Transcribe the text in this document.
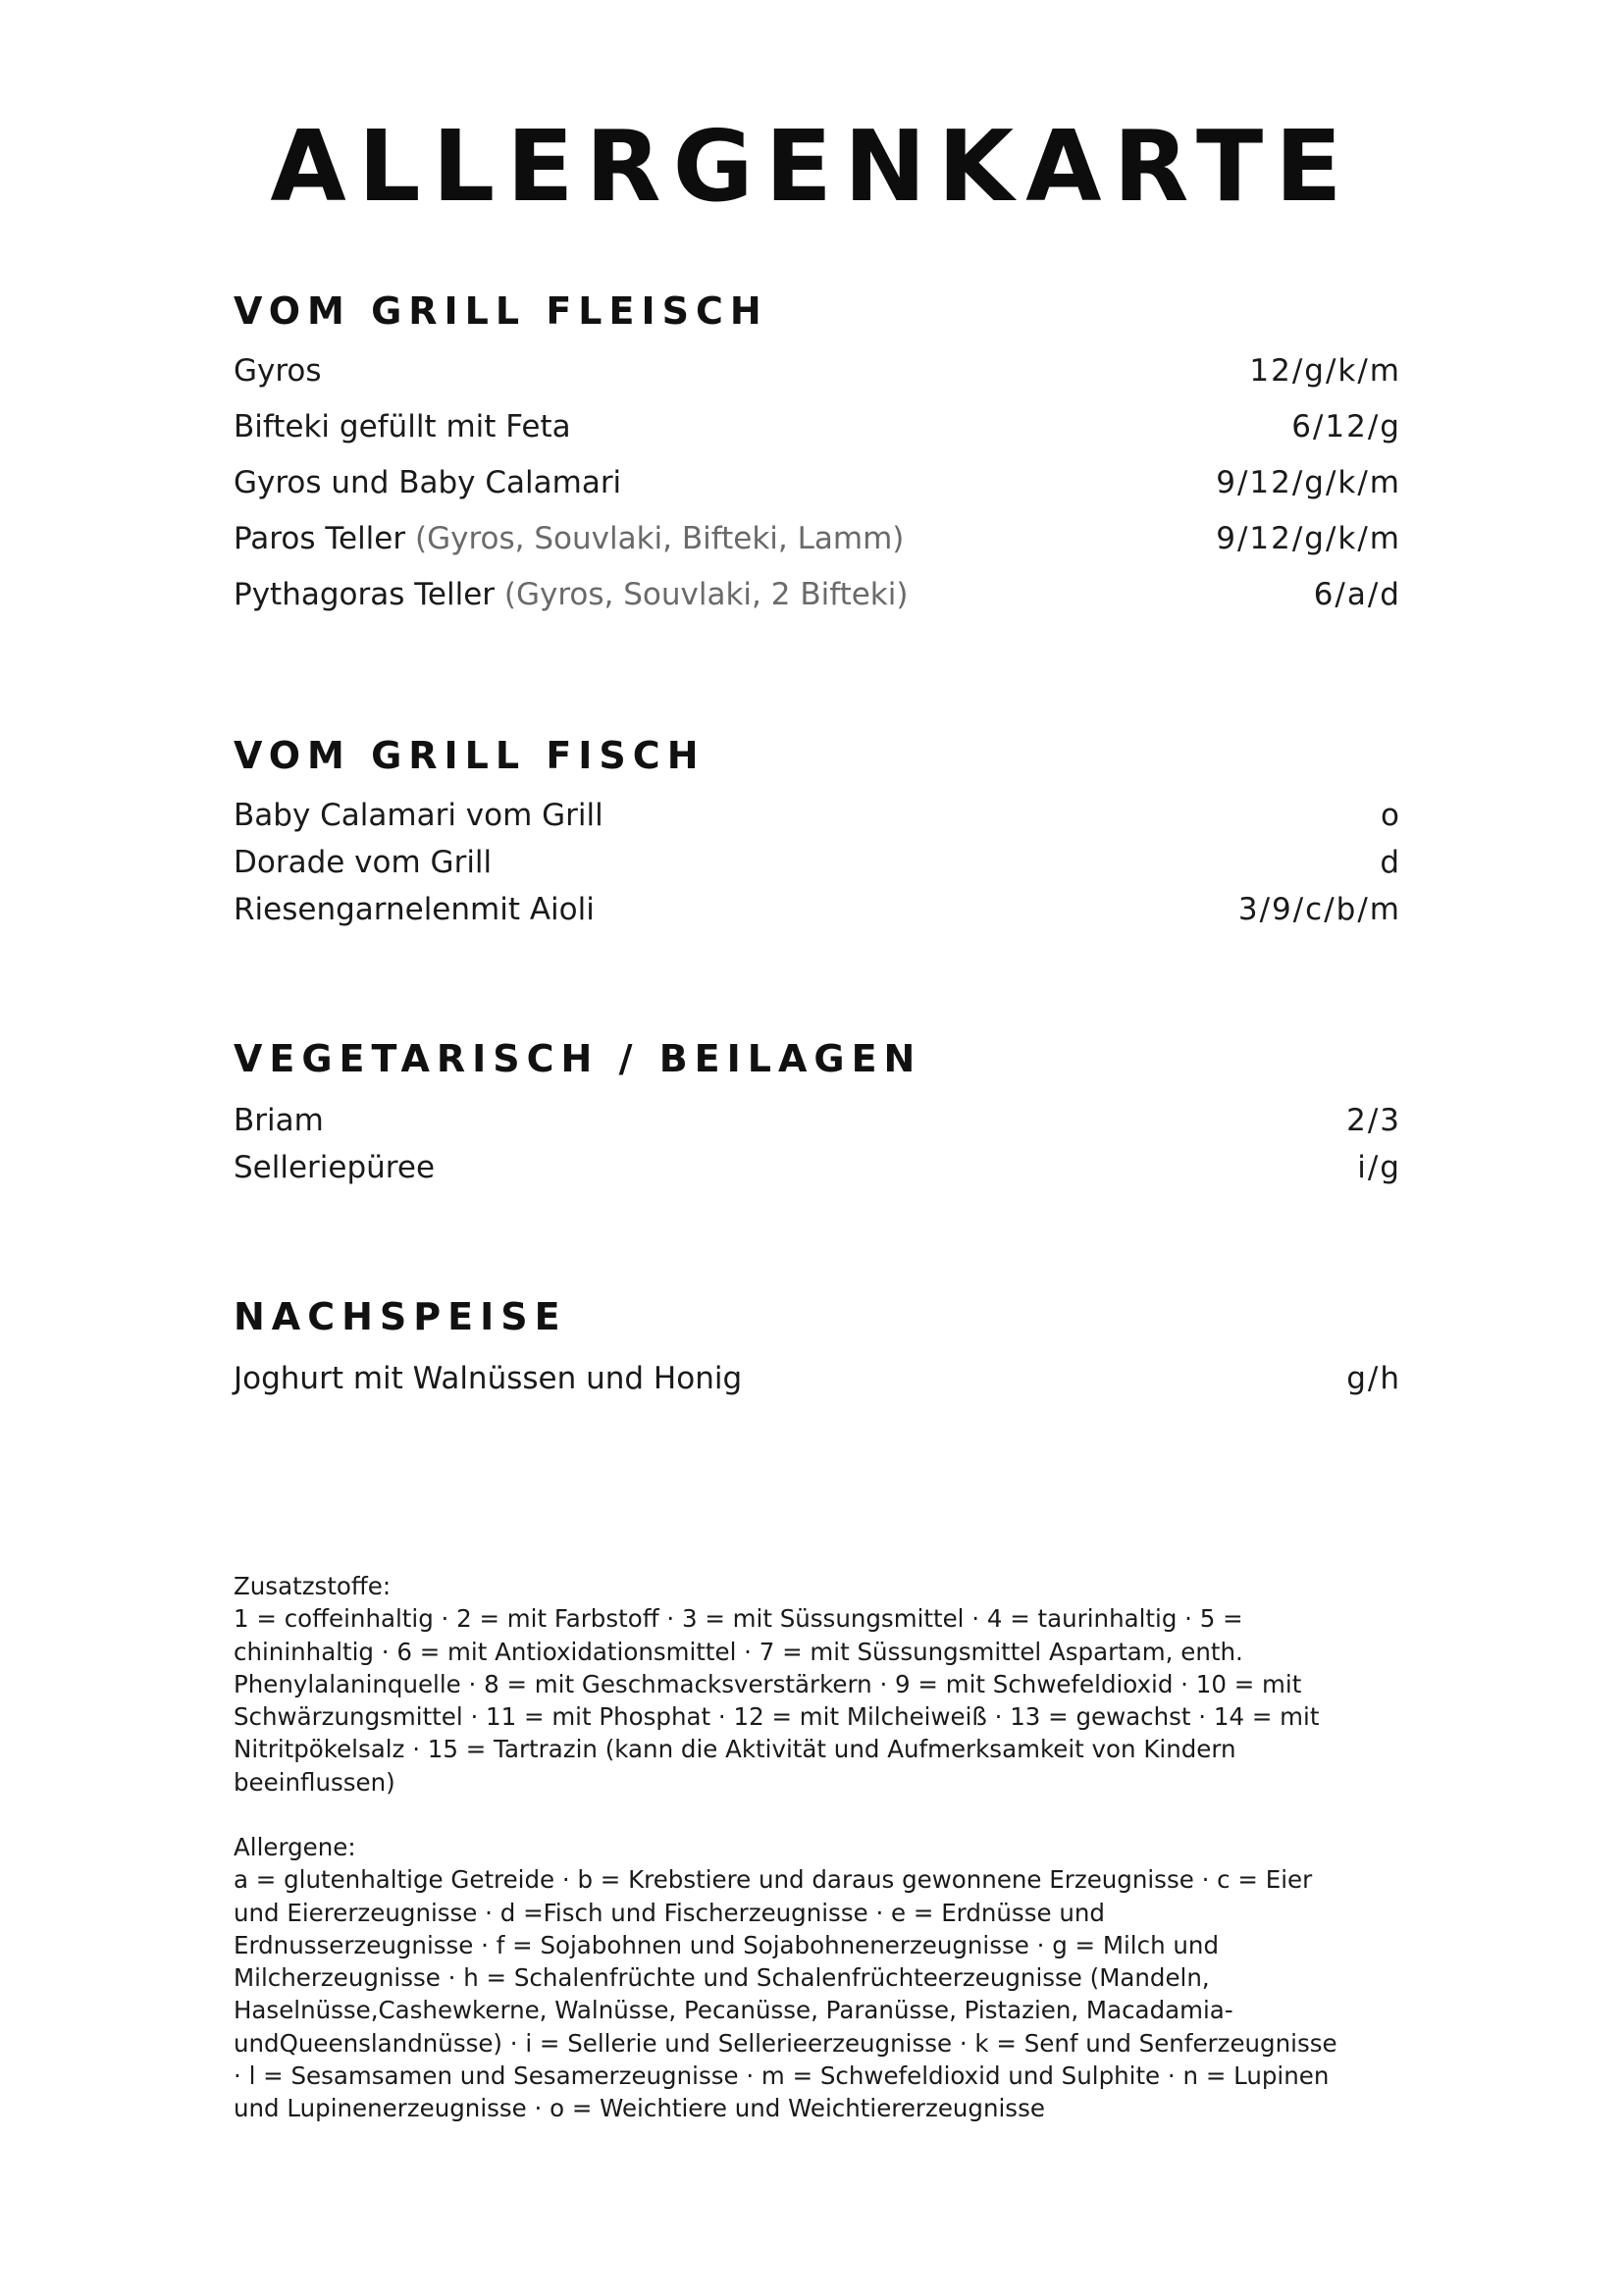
ALLERGENKARTE
VOM GRILL FLEISCH
Gyros	12/g/k/m
Bifteki gefüllt mit Feta	6/12/g
Gyros und Baby Calamari	9/12/g/k/m
Paros Teller (Gyros, Souvlaki, Bifteki, Lamm)	9/12/g/k/m
Pythagoras Teller (Gyros, Souvlaki, 2 Bifteki)	6/a/d
VOM GRILL FISCH
Baby Calamari vom Grill	o
Dorade vom Grill	d
Riesengarnelenmit Aioli	3/9/c/b/m
VEGETARISCH / BEILAGEN
Briam	2/3
Selleriepüree	i/g
NACHSPEISE
Joghurt mit Walnüssen und Honig	g/h
Zusatzstoffe:
1 = coffeinhaltig · 2 = mit Farbstoff · 3 = mit Süssungsmittel · 4 = taurinhaltig · 5 =
chininhaltig · 6 = mit Antioxidationsmittel · 7 = mit Süssungsmittel Aspartam, enth.
Phenylalaninquelle · 8 = mit Geschmacksverstärkern · 9 = mit Schwefeldioxid · 10 = mit
Schwärzungsmittel · 11 = mit Phosphat · 12 = mit Milcheiweiß · 13 = gewachst · 14 = mit
Nitritpökelsalz · 15 = Tartrazin (kann die Aktivität und Aufmerksamkeit von Kindern
beeinflussen)
Allergene:
a = glutenhaltige Getreide · b = Krebstiere und daraus gewonnene Erzeugnisse · c = Eier
und Eiererzeugnisse · d =Fisch und Fischerzeugnisse · e = Erdnüsse und
Erdnusserzeugnisse · f = Sojabohnen und Sojabohnenerzeugnisse · g = Milch und
Milcherzeugnisse · h = Schalenfrüchte und Schalenfrüchteerzeugnisse (Mandeln,
Haselnüsse,Cashewkerne, Walnüsse, Pecanüsse, Paranüsse, Pistazien, Macadamia-
undQueenslandnüsse) · i = Sellerie und Sellerieerzeugnisse · k = Senf und Senferzeugnisse
· l = Sesamsamen und Sesamerzeugnisse · m = Schwefeldioxid und Sulphite · n = Lupinen
und Lupinenerzeugnisse · o = Weichtiere und Weichtiererzeugnisse
